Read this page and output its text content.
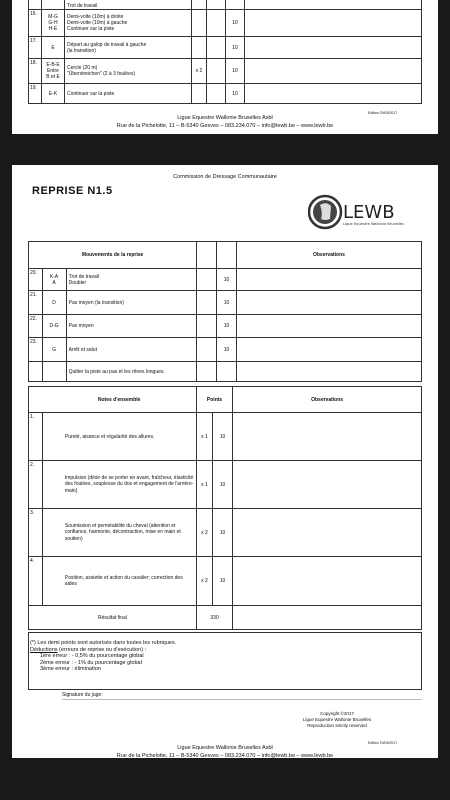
		Trot de travail				
16.	M-G
G-H
H-E	Demi-volte (10m) à droite
Demi-volte (10m) à gauche
Continuer sur la piste			10	
17.	E	Départ au galop de travail à gauche
(la transition)			10	
18.	E-B-E
Entre
B et E	Cercle (20 m)
"Überstreichen" (2 à 3 foulées)	x 2		10	
19.	E-K	Continuer sur la piste			10	
Edition 29/03/2017
Ligue Equestre Wallonie Bruxelles Asbl
Rue de la Pichelotte, 11 – B-5340 Gesves – 083.234.070 – info@lewb.be – www.lewb.be
Commission de Dressage Communautaire
REPRISE N1.5
LEWB
Ligue Equestre Wallonie Bruxelles
Mouvements de la reprise					Observations
20.	K-A
A	Trot de travail
Doubler		10	
21.	D	Pas moyen (la transition)		10	
22.	D-G	Pas moyen		10	
23.	G	Arrêt et salut		10	
		Quitter la piste au pas et les rênes longues.			
	Notes d'ensemble	Points		Observations
1.	Pureté, aisance et régularité des allures.	x 1	10	
2.	Impulsion (désir de se porter en avant, fraîcheur, élasticité des foulées, souplesse du dos et engagement de l'arrière-main)	x 1	10	
3.	Soumission et perméabilité du cheval (attention et confiance, harmonie, décontraction, mise en main et soutien)	x 2	10	
4.	Position, assiette et action du cavalier; correction des aides	x 2	10	
Résultat final		330		
(*) Les demi points sont autorisés dans toutes les rubriques.
Déductions (erreurs de reprise ou d'exécution) :
1ère erreur : - 0,5% du pourcentage global
2ème erreur : - 1% du pourcentage global
3ème erreur : élimination
Signature du juge:
Copyright ©2017
Ligue Equestre Wallonie Bruxelles
Reproduction strictly reserved
Edition 29/03/2017
Ligue Equestre Wallonie Bruxelles Asbl
Rue de la Pichelotte, 11 – B-5340 Gesves – 083.234.070 – info@lewb.be – www.lewb.be
